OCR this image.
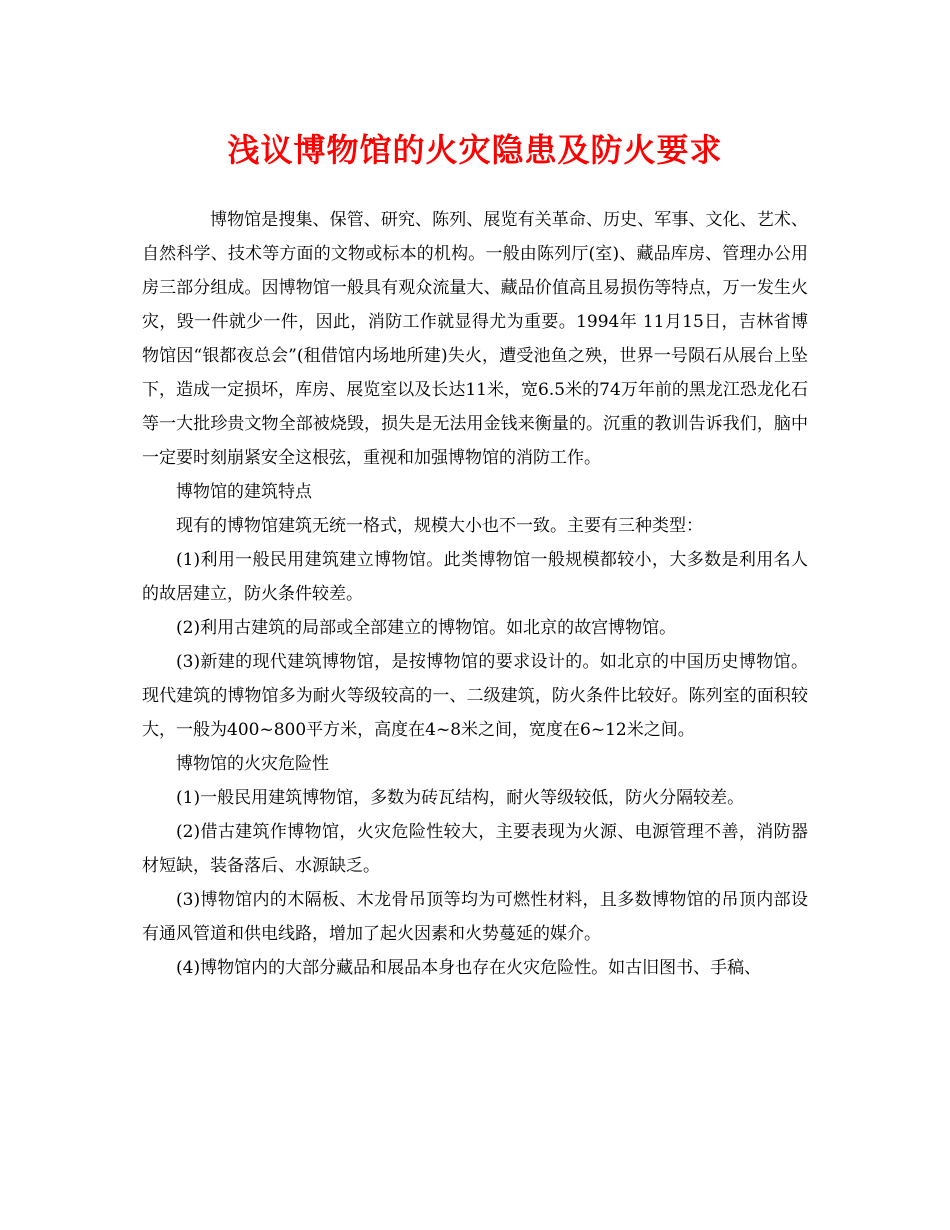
浅议博物馆的火灾隐患及防火要求

博物馆是搜集、保管、研究、陈列、展览有关革命、历史、军事、文化、艺术、自然科学、技术等方面的文物或标本的机构。一般由陈列厅(室)、藏品库房、管理办公用房三部分组成。因博物馆一般具有观众流量大、藏品价值高且易损伤等特点，万一发生火灾，毁一件就少一件，因此，消防工作就显得尤为重要。1994年 11月15日，吉林省博物馆因“银都夜总会”(租借馆内场地所建)失火，遭受池鱼之殃，世界一号陨石从展台上坠下，造成一定损坏，库房、展览室以及长达11米，宽6.5米的74万年前的黑龙江恐龙化石等一大批珍贵文物全部被烧毁，损失是无法用金钱来衡量的。沉重的教训告诉我们，脑中一定要时刻崩紧安全这根弦，重视和加强博物馆的消防工作。

博物馆的建筑特点

现有的博物馆建筑无统一格式，规模大小也不一致。主要有三种类型：

(1)利用一般民用建筑建立博物馆。此类博物馆一般规模都较小，大多数是利用名人的故居建立，防火条件较差。

(2)利用古建筑的局部或全部建立的博物馆。如北京的故宫博物馆。

(3)新建的现代建筑博物馆，是按博物馆的要求设计的。如北京的中国历史博物馆。现代建筑的博物馆多为耐火等级较高的一、二级建筑，防火条件比较好。陈列室的面积较大，一般为400~800平方米，高度在4~8米之间，宽度在6~12米之间。

博物馆的火灾危险性

(1)一般民用建筑博物馆，多数为砖瓦结构，耐火等级较低，防火分隔较差。

(2)借古建筑作博物馆，火灾危险性较大，主要表现为火源、电源管理不善，消防器材短缺，装备落后、水源缺乏。

(3)博物馆内的木隔板、木龙骨吊顶等均为可燃性材料，且多数博物馆的吊顶内部设有通风管道和供电线路，增加了起火因素和火势蔓延的媒介。

(4)博物馆内的大部分藏品和展品本身也存在火灾危险性。如古旧图书、手稿、
